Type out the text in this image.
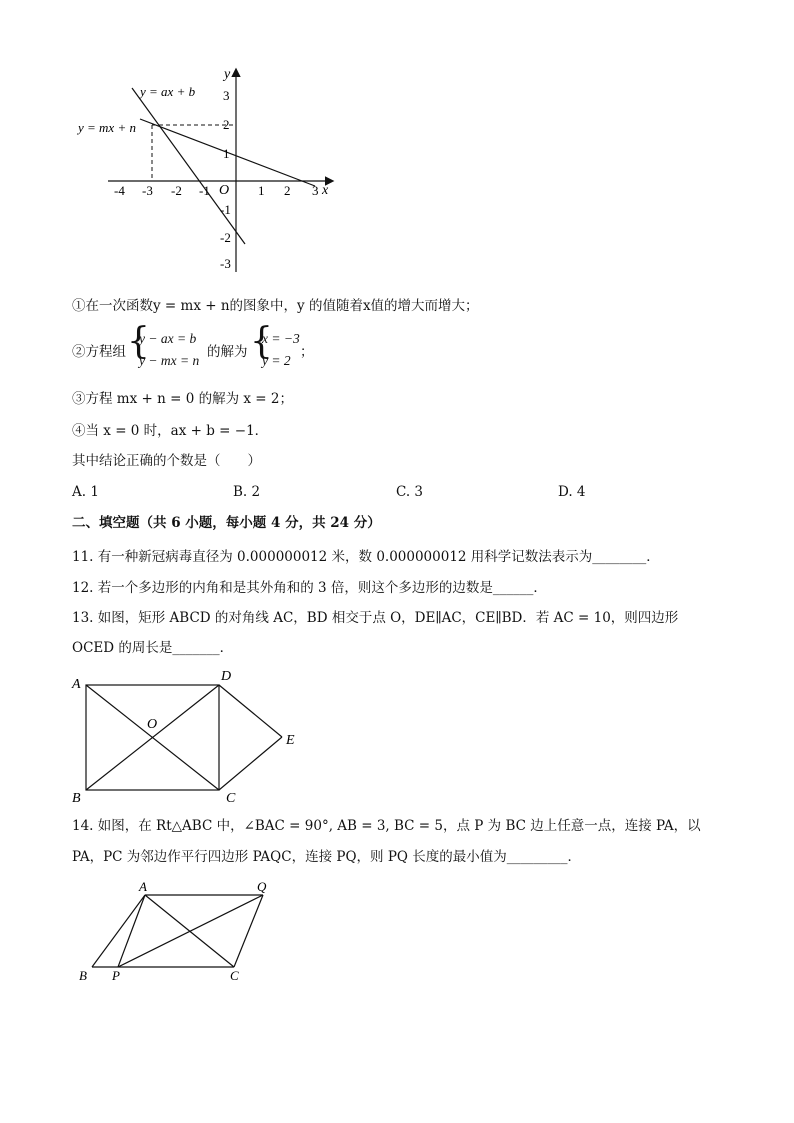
y
x
O
y = ax + b
y = mx + n
-4 -3 -2 -1	1 2 3
3
2
1
-1
-2
-3
①在一次函数y = mx + n的图象中，y 的值随着x值的增大而增大；
②方程组 {
y − ax = b
y − mx = n
的解为 {
x = −3
y = 2
；
③方程 mx + n = 0 的解为 x = 2；
④当 x = 0 时，ax + b = −1．
其中结论正确的个数是（　　）
A. 1	B. 2	C. 3	D. 4
二、填空题（共 6 小题，每小题 4 分，共 24 分）
11. 有一种新冠病毒直径为 0.000000012 米，数 0.000000012 用科学记数法表示为________．
12. 若一个多边形的内角和是其外角和的 3 倍，则这个多边形的边数是______．
13. 如图，矩形 ABCD 的对角线 AC，BD 相交于点 O，DE∥AC，CE∥BD．若 AC = 10，则四边形
OCED 的周长是_______．
A
D
O
E
B	C
14. 如图，在 Rt△ABC 中，∠BAC = 90°, AB = 3, BC = 5，点 P 为 BC 边上任意一点，连接 PA，以
PA，PC 为邻边作平行四边形 PAQC，连接 PQ，则 PQ 长度的最小值为_________．
A	Q
B P	C
